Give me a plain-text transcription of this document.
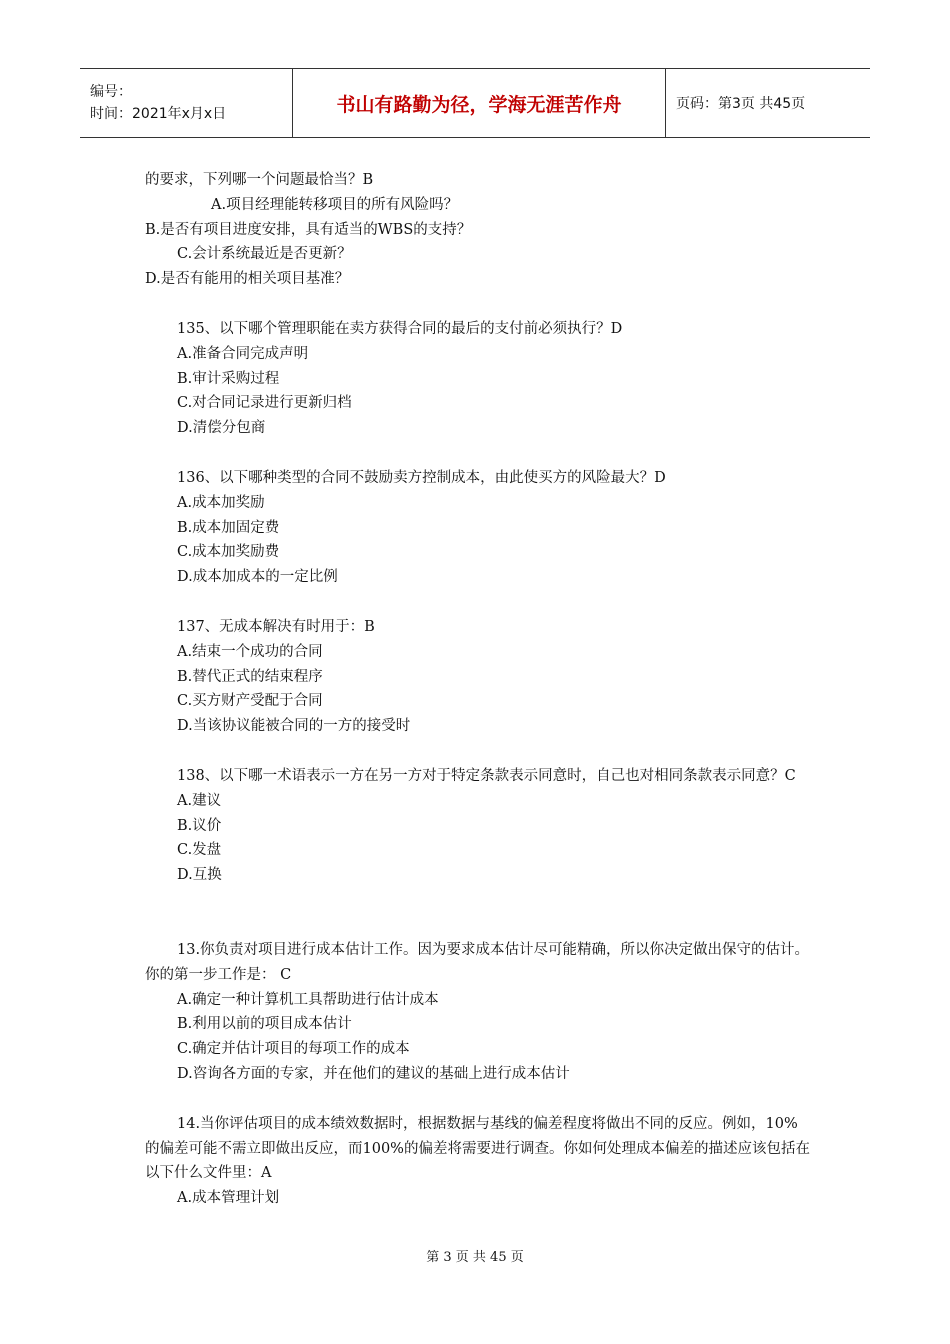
编号：
时间：2021年x月x日	书山有路勤为径，学海无涯苦作舟	页码：第3页 共45页

的要求，下列哪一个问题最恰当？B

A.项目经理能转移项目的所有风险吗？

B.是否有项目进度安排，具有适当的WBS的支持？

C.会计系统最近是否更新？

D.是否有能用的相关项目基准？

135、以下哪个管理职能在卖方获得合同的最后的支付前必须执行？D

A.准备合同完成声明

B.审计采购过程

C.对合同记录进行更新归档

D.清偿分包商

136、以下哪种类型的合同不鼓励卖方控制成本，由此使买方的风险最大？D

A.成本加奖励

B.成本加固定费

C.成本加奖励费

D.成本加成本的一定比例

137、无成本解决有时用于：B

A.结束一个成功的合同

B.替代正式的结束程序

C.买方财产受配于合同

D.当该协议能被合同的一方的接受时

138、以下哪一术语表示一方在另一方对于特定条款表示同意时，自己也对相同条款表示同意？C

A.建议

B.议价

C.发盘

D.互换

13.你负责对项目进行成本估计工作。因为要求成本估计尽可能精确，所以你决定做出保守的估计。你的第一步工作是： C

A.确定一种计算机工具帮助进行估计成本

B.利用以前的项目成本估计

C.确定并估计项目的每项工作的成本

D.咨询各方面的专家，并在他们的建议的基础上进行成本估计

14.当你评估项目的成本绩效数据时，根据数据与基线的偏差程度将做出不同的反应。例如，10%的偏差可能不需立即做出反应，而100%的偏差将需要进行调查。你如何处理成本偏差的描述应该包括在以下什么文件里：A

A.成本管理计划

第 3 页 共 45 页
